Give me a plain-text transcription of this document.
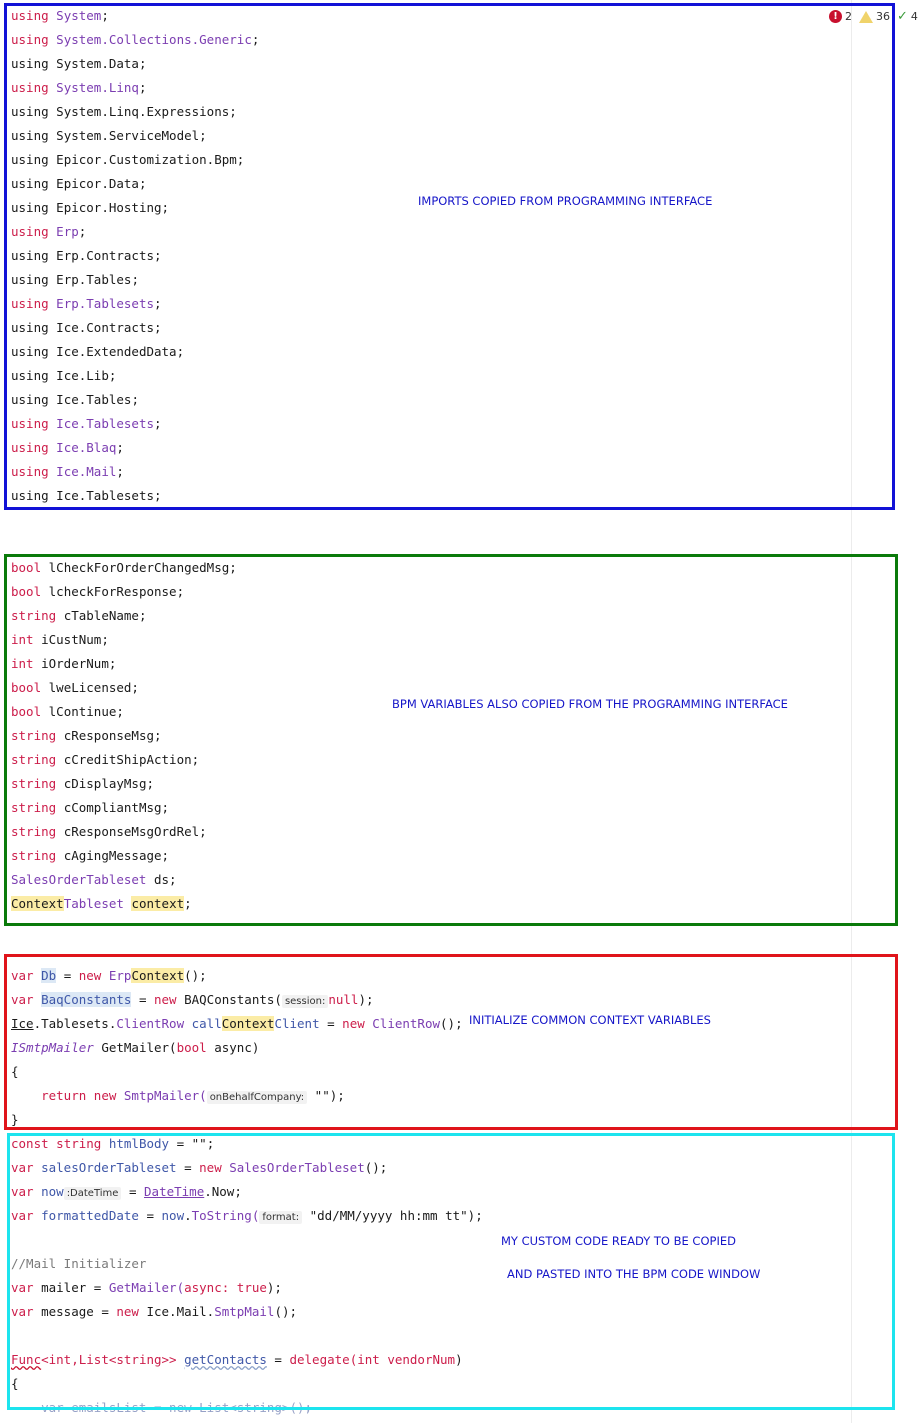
! 2 36 ✓ 4
using System;
using System.Collections.Generic;
using System.Data;
using System.Linq;
using System.Linq.Expressions;
using System.ServiceModel;
using Epicor.Customization.Bpm;
using Epicor.Data;
using Epicor.Hosting;
using Erp;
using Erp.Contracts;
using Erp.Tables;
using Erp.Tablesets;
using Ice.Contracts;
using Ice.ExtendedData;
using Ice.Lib;
using Ice.Tables;
using Ice.Tablesets;
using Ice.Blaq;
using Ice.Mail;
using Ice.Tablesets;
IMPORTS COPIED FROM PROGRAMMING INTERFACE
bool lCheckForOrderChangedMsg;
bool lcheckForResponse;
string cTableName;
int iCustNum;
int iOrderNum;
bool lweLicensed;
bool lContinue;
string cResponseMsg;
string cCreditShipAction;
string cDisplayMsg;
string cCompliantMsg;
string cResponseMsgOrdRel;
string cAgingMessage;
SalesOrderTableset ds;
ContextTableset context;
BPM VARIABLES ALSO COPIED FROM THE PROGRAMMING INTERFACE
var Db = new ErpContext();
var BaqConstants = new BAQConstants( session: null);
Ice.Tablesets.ClientRow callContextClient = new ClientRow();
ISmtpMailer GetMailer(bool async)
{
return new SmtpMailer( onBehalfCompany: "");
}
INITIALIZE COMMON CONTEXT VARIABLES
const string htmlBody = "";
var salesOrderTableset = new SalesOrderTableset();
var now :DateTime = DateTime.Now;
var formattedDate = now.ToString( format: "dd/MM/yyyy hh:mm tt");
//Mail Initializer
var mailer = GetMailer(async: true);
var message = new Ice.Mail.SmtpMail();
Func<int,List<string>> getContacts = delegate(int vendorNum)
{
var emailsList = new List<string>();
MY CUSTOM CODE READY TO BE COPIED
AND PASTED INTO THE BPM CODE WINDOW
